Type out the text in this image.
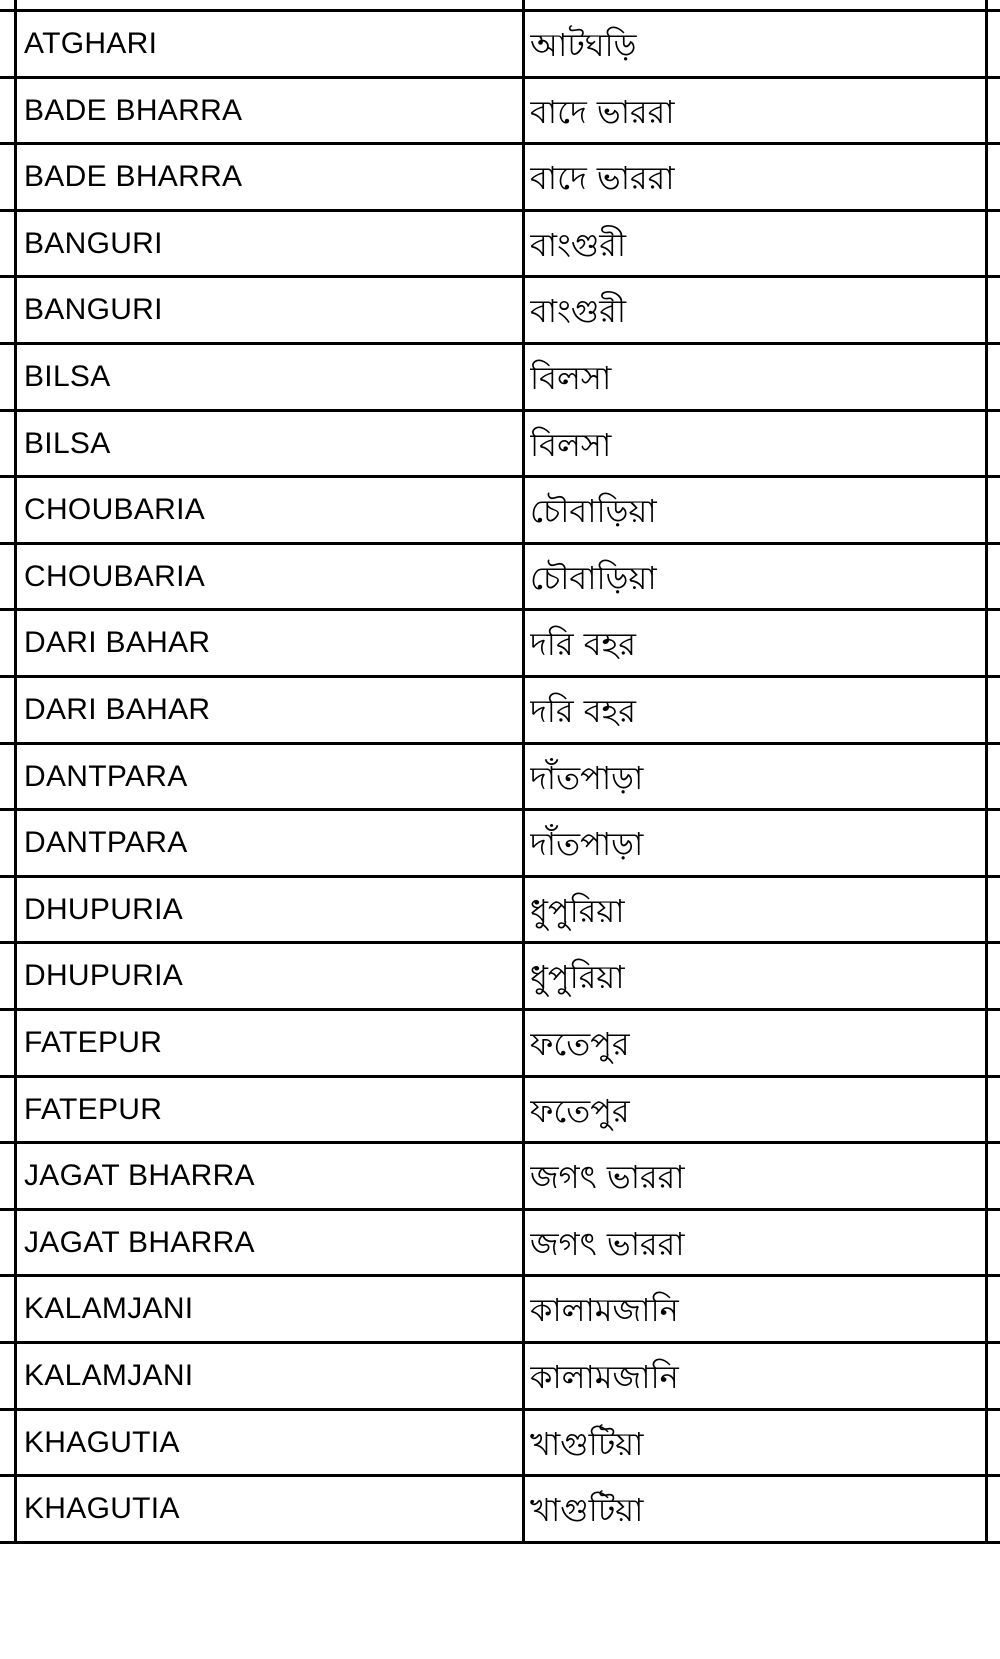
ATGHARI	আটঘড়ি
BADE BHARRA	বাদে ভাররা
BADE BHARRA	বাদে ভাররা
BANGURI	বাংগুরী
BANGURI	বাংগুরী
BILSA	বিলসা
BILSA	বিলসা
CHOUBARIA	চৌবাড়িয়া
CHOUBARIA	চৌবাড়িয়া
DARI BAHAR	দরি বহর
DARI BAHAR	দরি বহর
DANTPARA	দাঁতপাড়া
DANTPARA	দাঁতপাড়া
DHUPURIA	ধুপুরিয়া
DHUPURIA	ধুপুরিয়া
FATEPUR	ফতেপুর
FATEPUR	ফতেপুর
JAGAT BHARRA	জগৎ ভাররা
JAGAT BHARRA	জগৎ ভাররা
KALAMJANI	কালামজানি
KALAMJANI	কালামজানি
KHAGUTIA	খাগুটিয়া
KHAGUTIA	খাগুটিয়া
